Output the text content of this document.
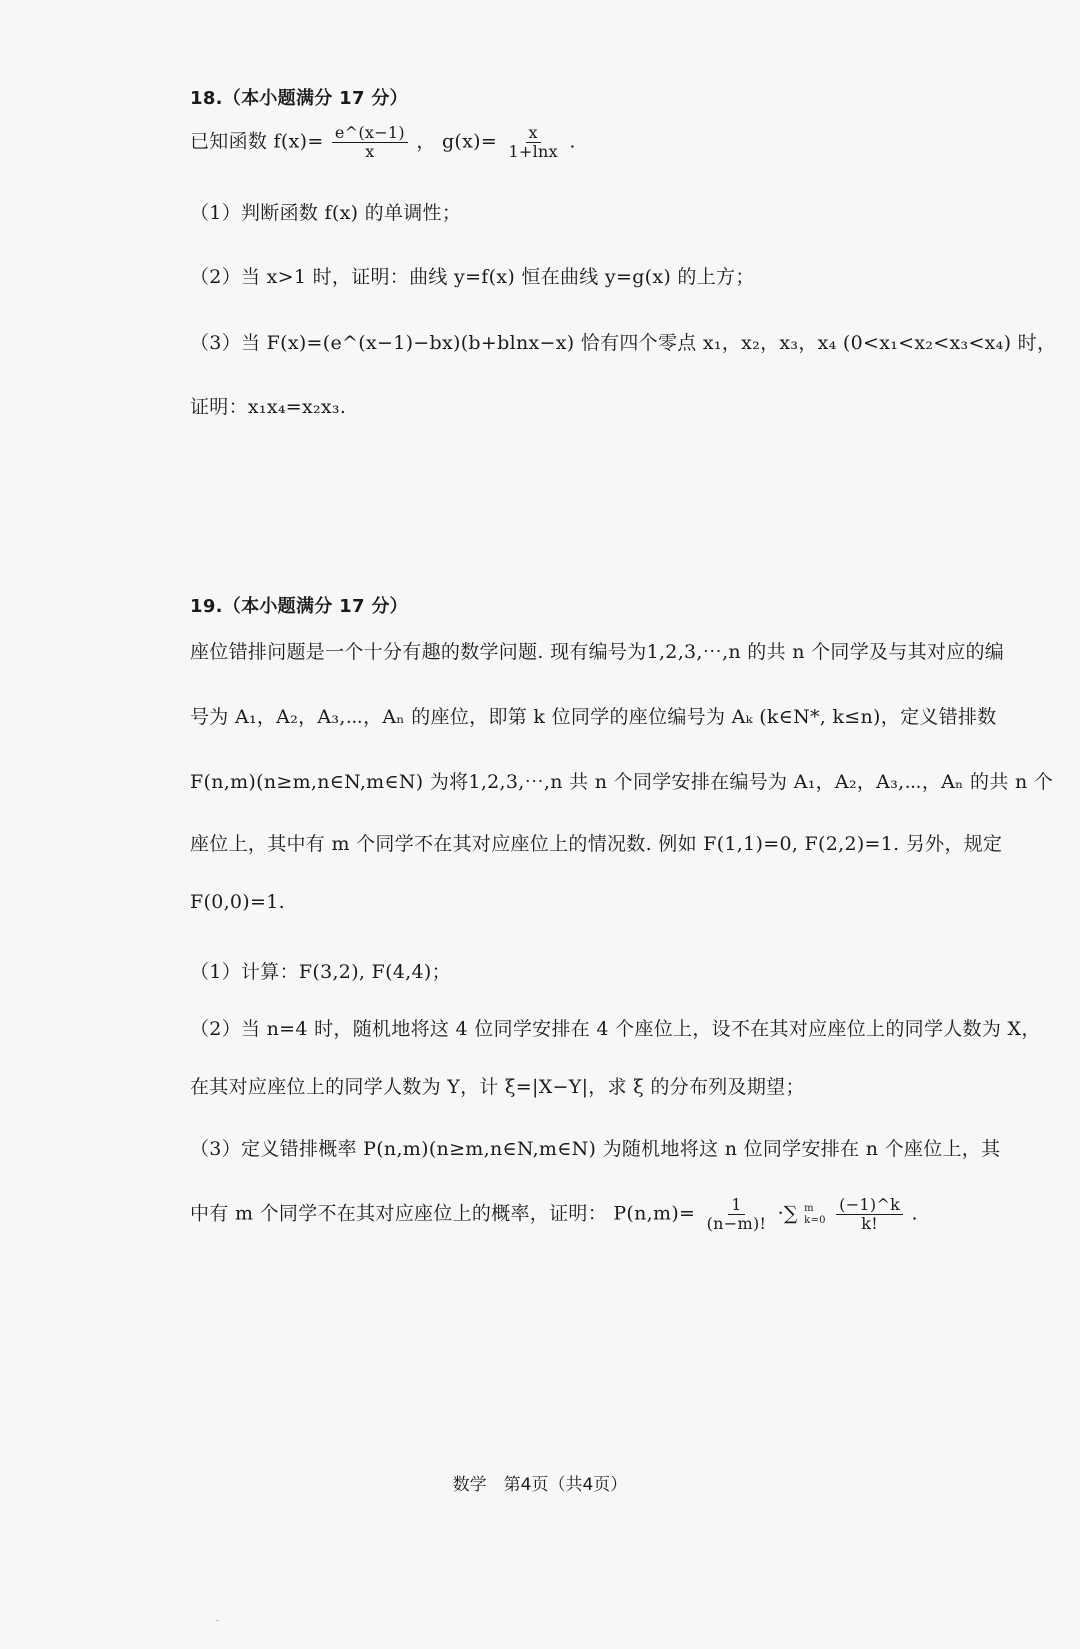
18.（本小题满分 17 分）
已知函数 $f(x)= \frac{e\^{}(x-1)}{x}$ ， $g(x)= \frac{x}{1+\ln x}$ .
（1）判断函数 f(x) 的单调性；
（2）当 x>1 时，证明：曲线 y=f(x) 恒在曲线 y=g(x) 的上方；
（3）当 F(x)=(e^(x−1)−bx)(b+blnx−x) 恰有四个零点 x₁，x₂，x₃，x₄ (0<x₁<x₂<x₃<x₄) 时，
证明：x₁x₄=x₂x₃.
19.（本小题满分 17 分）
座位错排问题是一个十分有趣的数学问题. 现有编号为1,2,3,⋯,n 的共 n 个同学及与其对应的编
号为 A₁，A₂，A₃,⋯，Aₙ 的座位，即第 k 位同学的座位编号为 Aₖ (k∈N*, k≤n)，定义错排数
F(n,m)(n≥m,n∈N,m∈N) 为将1,2,3,⋯,n 共 n 个同学安排在编号为 A₁，A₂，A₃,⋯，Aₙ 的共 n 个
座位上，其中有 m 个同学不在其对应座位上的情况数. 例如 F(1,1)=0, F(2,2)=1. 另外，规定
F(0,0)=1.
（1）计算：F(3,2), F(4,4)；
（2）当 n=4 时，随机地将这 4 位同学安排在 4 个座位上，设不在其对应座位上的同学人数为 X，
在其对应座位上的同学人数为 Y，计 ξ=|X−Y|，求 ξ 的分布列及期望；
（3）定义错排概率 P(n,m)(n≥m,n∈N,m∈N) 为随机地将这 n 位同学安排在 n 个座位上，其
中有 m 个同学不在其对应座位上的概率，证明： $P(n,m)= \frac{1}{(n-m)!}$ ·∑ m
k=0
$\frac{(-1)\^{}k}{k!}$ .
数学　第4页（共4页）
